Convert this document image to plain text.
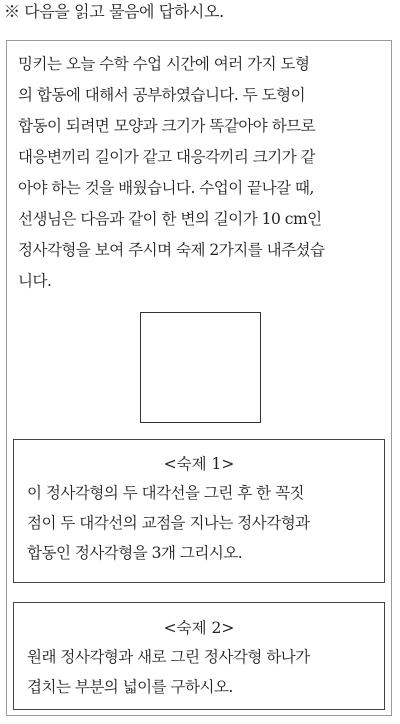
※ 다음을 읽고 물음에 답하시오.
밍키는 오늘 수학 수업 시간에 여러 가지 도형
의 합동에 대해서 공부하였습니다. 두 도형이
합동이 되려면 모양과 크기가 똑같아야 하므로
대응변끼리 길이가 같고 대응각끼리 크기가 같
아야 하는 것을 배웠습니다. 수업이 끝나갈 때,
선생님은 다음과 같이 한 변의 길이가 10 cm인
정사각형을 보여 주시며 숙제 2가지를 내주셨습
니다.
<숙제 1>
이 정사각형의 두 대각선을 그린 후 한 꼭짓
점이 두 대각선의 교점을 지나는 정사각형과
합동인 정사각형을 3개 그리시오.
<숙제 2>
원래 정사각형과 새로 그린 정사각형 하나가
겹치는 부분의 넓이를 구하시오.
